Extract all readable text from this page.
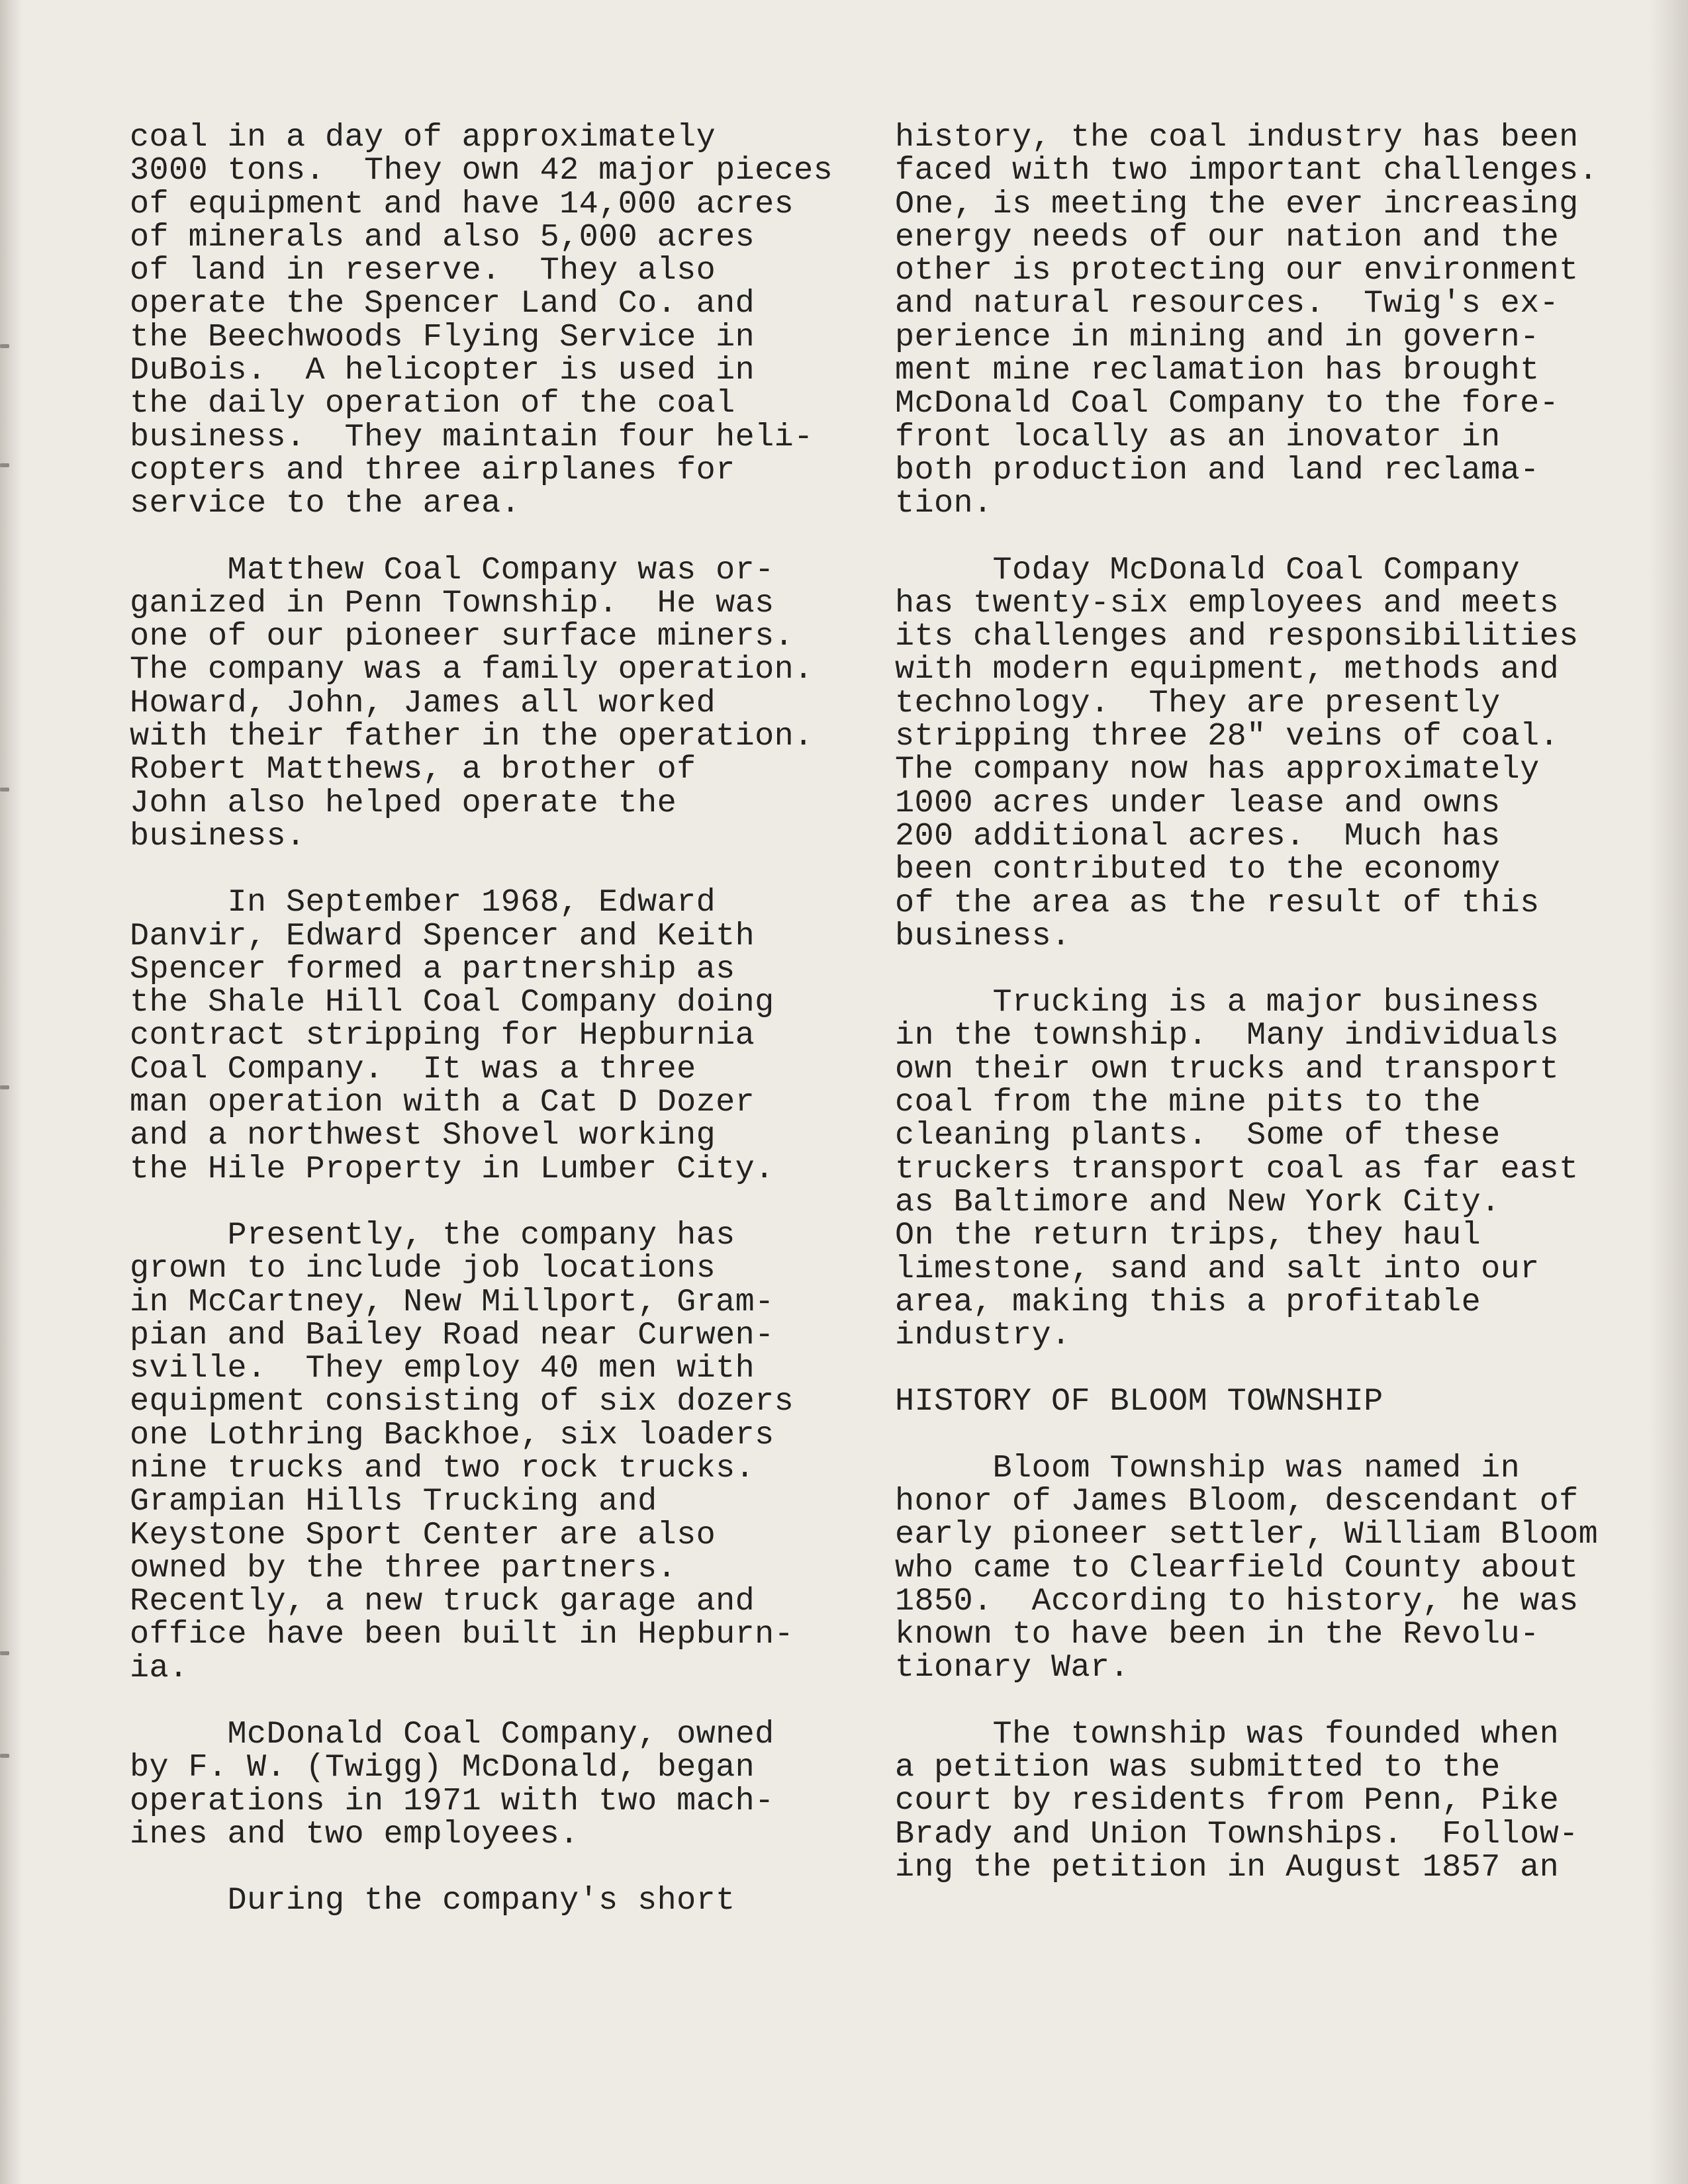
coal in a day of approximately
3000 tons.  They own 42 major pieces
of equipment and have 14,000 acres
of minerals and also 5,000 acres
of land in reserve.  They also
operate the Spencer Land Co. and
the Beechwoods Flying Service in
DuBois.  A helicopter is used in
the daily operation of the coal
business.  They maintain four heli-
copters and three airplanes for
service to the area.
Matthew Coal Company was or-
ganized in Penn Township.  He was
one of our pioneer surface miners.
The company was a family operation.
Howard, John, James all worked
with their father in the operation.
Robert Matthews, a brother of
John also helped operate the
business.
In September 1968, Edward
Danvir, Edward Spencer and Keith
Spencer formed a partnership as
the Shale Hill Coal Company doing
contract stripping for Hepburnia
Coal Company.  It was a three
man operation with a Cat D Dozer
and a northwest Shovel working
the Hile Property in Lumber City.
Presently, the company has
grown to include job locations
in McCartney, New Millport, Gram-
pian and Bailey Road near Curwen-
sville.  They employ 40 men with
equipment consisting of six dozers
one Lothring Backhoe, six loaders
nine trucks and two rock trucks.
Grampian Hills Trucking and
Keystone Sport Center are also
owned by the three partners.
Recently, a new truck garage and
office have been built in Hepburn-
ia.
McDonald Coal Company, owned
by F. W. (Twigg) McDonald, began
operations in 1971 with two mach-
ines and two employees.
During the company's short
history, the coal industry has been
faced with two important challenges.
One, is meeting the ever increasing
energy needs of our nation and the
other is protecting our environment
and natural resources.  Twig's ex-
perience in mining and in govern-
ment mine reclamation has brought
McDonald Coal Company to the fore-
front locally as an inovator in
both production and land reclama-
tion.
Today McDonald Coal Company
has twenty-six employees and meets
its challenges and responsibilities
with modern equipment, methods and
technology.  They are presently
stripping three 28" veins of coal.
The company now has approximately
1000 acres under lease and owns
200 additional acres.  Much has
been contributed to the economy
of the area as the result of this
business.
Trucking is a major business
in the township.  Many individuals
own their own trucks and transport
coal from the mine pits to the
cleaning plants.  Some of these
truckers transport coal as far east
as Baltimore and New York City.
On the return trips, they haul
limestone, sand and salt into our
area, making this a profitable
industry.
HISTORY OF BLOOM TOWNSHIP
Bloom Township was named in
honor of James Bloom, descendant of
early pioneer settler, William Bloom
who came to Clearfield County about
1850.  According to history, he was
known to have been in the Revolu-
tionary War.
The township was founded when
a petition was submitted to the
court by residents from Penn, Pike
Brady and Union Townships.  Follow-
ing the petition in August 1857 an
